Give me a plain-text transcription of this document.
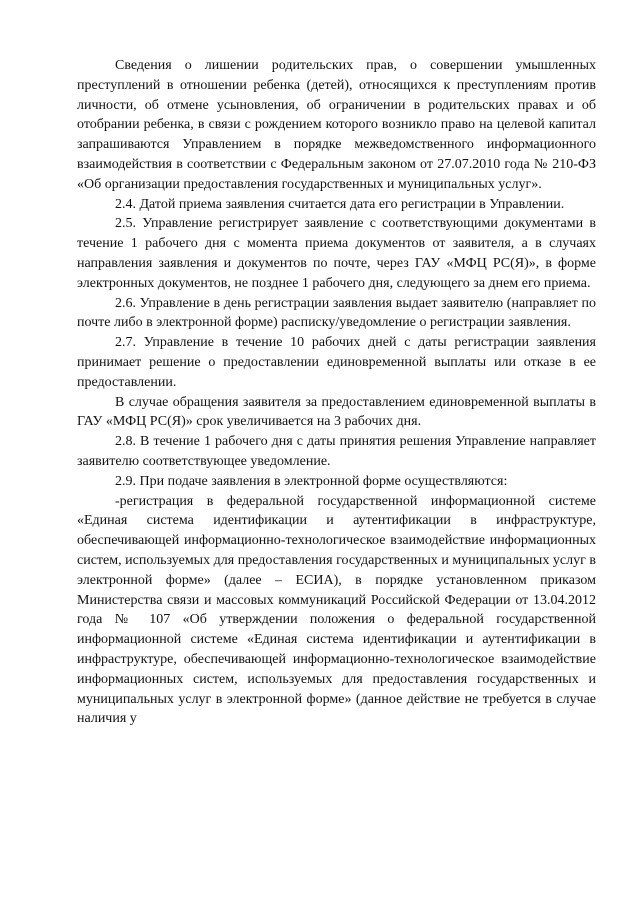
Сведения о лишении родительских прав, о совершении умышленных преступлений в отношении ребенка (детей), относящихся к преступлениям против личности, об отмене усыновления, об ограничении в родительских правах и об отобрании ребенка, в связи с рождением которого возникло право на целевой капитал запрашиваются Управлением в порядке межведомственного информационного взаимодействия в соответствии с Федеральным законом от 27.07.2010 года № 210-ФЗ «Об организации предоставления государственных и муниципальных услуг».

2.4. Датой приема заявления считается дата его регистрации в Управлении.

2.5. Управление регистрирует заявление с соответствующими документами в течение 1 рабочего дня с момента приема документов от заявителя, а в случаях направления заявления и документов по почте, через ГАУ «МФЦ РС(Я)», в форме электронных документов, не позднее 1 рабочего дня, следующего за днем его приема.

2.6. Управление в день регистрации заявления выдает заявителю (направляет по почте либо в электронной форме) расписку/уведомление о регистрации заявления.

2.7. Управление в течение 10 рабочих дней с даты регистрации заявления принимает решение о предоставлении единовременной выплаты или отказе в ее предоставлении.

В случае обращения заявителя за предоставлением единовременной выплаты в ГАУ «МФЦ РС(Я)» срок увеличивается на 3 рабочих дня.

2.8. В течение 1 рабочего дня с даты принятия решения Управление направляет заявителю соответствующее уведомление.

2.9. При подаче заявления в электронной форме осуществляются:

-регистрация в федеральной государственной информационной системе «Единая система идентификации и аутентификации в инфраструктуре, обеспечивающей информационно-технологическое взаимодействие информационных систем, используемых для предоставления государственных и муниципальных услуг в электронной форме» (далее – ЕСИА), в порядке установленном приказом Министерства связи и массовых коммуникаций Российской Федерации от 13.04.2012 года № 107 «Об утверждении положения о федеральной государственной информационной системе «Единая система идентификации и аутентификации в инфраструктуре, обеспечивающей информационно-технологическое взаимодействие информационных систем, используемых для предоставления государственных и муниципальных услуг в электронной форме» (данное действие не требуется в случае наличия у
